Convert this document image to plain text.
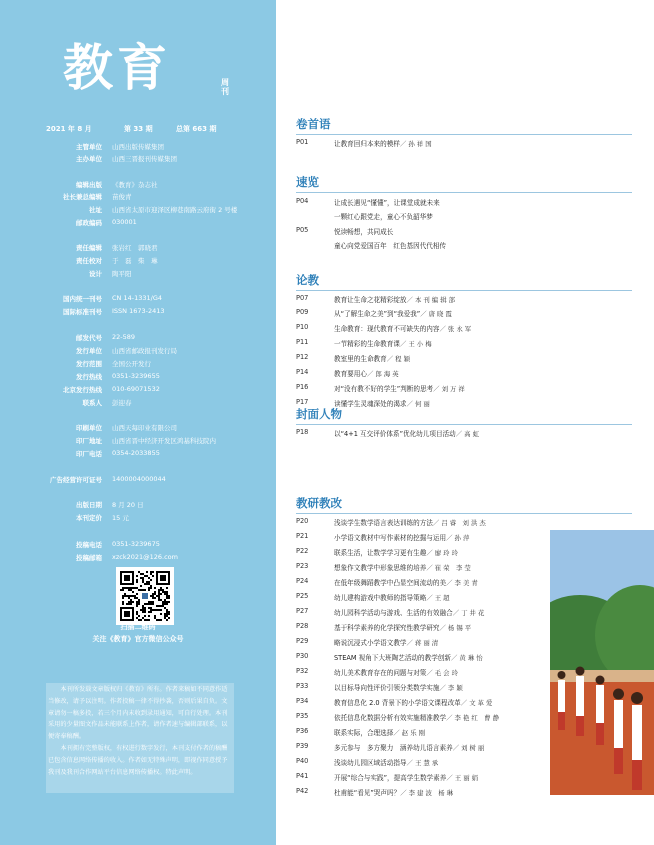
教育	周刊
2021 年 8 月	第 33 期	总第 663 期
主管单位 山西出版传媒集团
主办单位 山西三晋报刊传媒集团
编辑出版 《教育》杂志社
社长兼总编辑 苗俊青
社址 山西省太原市迎泽区柳巷南路云府街 2 号楼
邮政编码 030001
责任编辑 张岩红　郭晓君
责任校对 于　磊　柴　琳
设计 陶平阳
国内统一刊号 CN 14-1331/G4
国际标准刊号 ISSN 1673-2413
邮发代号 22-589
发行单位 山西省邮政报刊发行局
发行范围 全国公开发行
发行热线 0351-3239655
北京发行热线 010-69071532
联系人 彭迎春
印刷单位 山西天每印业有限公司
印厂地址 山西省晋中经济开发区鸿基科技院内
印厂电话 0354-2033855
广告经营许可证号 1400004000044
出版日期 8 月 20 日
本刊定价 15 元
投稿电话 0351-3239675
投稿邮箱 xzck2021@126.com
扫描二维码
关注《教育》官方微信公众号

本刊所发载文章版权归《教育》所有。作者来稿如不同意作适当修改，请予以注明。作者投稿一律不得抄袭，否则后果自负。文章请勿一稿多投，若三个月内未收到录用通知，可自行处理。本刊采用的少量图文作品未能联系上作者，请作者速与编辑部联系，以便寄奉稿酬。

本刊拥有完整版权，有权进行数字发行，本刊支付作者的稿酬已包含信息网络传播的收入。作者如无特殊声明，即视作同意授予我刊及我刊合作网站平台信息网络传播权。特此声明。

卷首语
速览
论教
封面人物
教研教改
P01	让教育回归本来的模样／ 孙 祥 国
P04	让成长遇见“懂懂”，让课堂成就未来
一颗红心跟党走，童心不负韶华梦
P05	悦读畅想，共同成长
童心向党爱国百年　红色基因代代相传
P07	教育让生命之花精彩绽放／ 本 刊 编 辑 部
P09	从“了解生命之美”到“我爱我”／ 唐 晓 霞
P10	生命教育：现代教育不可缺失的内容／ 张 永 军
P11	一节精彩的生命教育课／ 王 小 梅
P12	教室里的生命教育／ 程 颖
P14	教育要用心／ 郎 海 英
P16	对“没有教不好的学生”判断的思考／ 刘 万 祥
P17	读懂学生灵魂深处的渴求／ 何 丽
P18	以“4+1 互交评价体系”优化幼儿项目活动／ 高 虹
P20	浅谈学生数学语言表达训练的方法／ 吕 睿　刘 洪 杰
P21	小学语文教材中写作素材的挖掘与运用／ 孙 萍
P22	联系生活，让数学学习更有生趣／ 廖 玲 玲
P23	想象作文教学中形象思维的培养／ 崔 荣　李 莹
P24	在低年级舞蹈教学中凸显空间流动的美／ 李 美 青
P25	幼儿建构游戏中教师的指导策略／ 王 超
P27	幼儿园科学活动与游戏、生活的有效融合／ 丁 井 花
P28	基于科学素养的化学探究性教学研究／ 杨 锡 平
P29	略说沉浸式小学语文教学／ 蒋 丽 清
P30	STEAM 视角下大班陶艺活动的教学创新／ 黄 琳 怡
P32	幼儿美术教育存在的问题与对策／ 毛 会 玲
P33	以目标导向性评价引领分类数学实施／ 李 颖
P34	教育信息化 2.0 背景下的小学语文课程改革／ 文 革 爱
P35	依托信息化数据分析有效实施精准教学／ 李 艳 红　曹 静
P36	联系实际，合理选择／ 赵 乐 刚
P39	多元参与　多方聚力　涵养幼儿语言素养／ 刘 树 丽
P40	浅谈幼儿园区域活动指导／ 王 慧 承
P41	开展“综合与实践”，提高学生数学素养／ 王 丽 娟
P42	杜甫能“看见”哭声吗？／ 李 建 波　杨 琳
